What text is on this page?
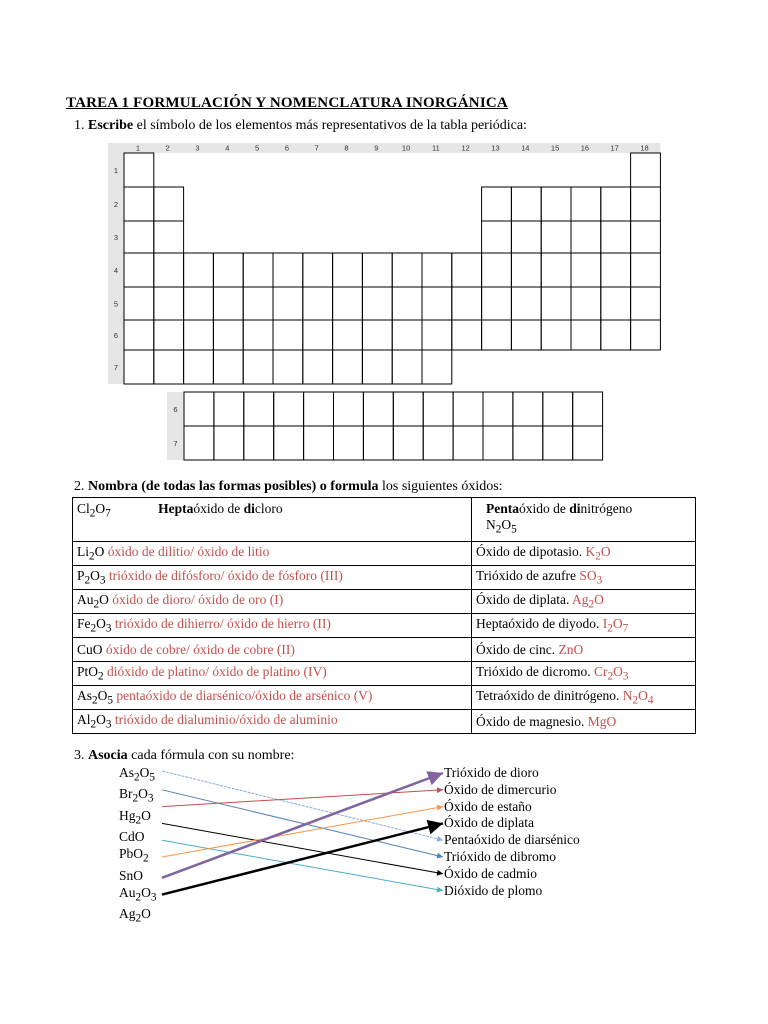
TAREA 1 FORMULACIÓN Y NOMENCLATURA INORGÁNICA
1. Escribe el símbolo de los elementos más representativos de la tabla periódica:
1	2	3	4	5	6	7	8	9	10	11	12	13	14	15	16	17	18
1
2
3
4
5
6
7
6
7
2. Nombra (de todas las formas posibles) o formula los siguientes óxidos:
$Cl_2O_7$ Heptaóxido de dicloro	Pentaóxido de dinitrógeno
$N_2O_5$

$Li_2O$ óxido de dilitio/ óxido de litio	Óxido de dipotasio. $K_2O$
$P_2O_3$ trióxido de difósforo/ óxido de fósforo (III)	Trióxido de azufre $SO_3$
$Au_2O$ óxido de dioro/ óxido de oro (I)	Óxido de diplata. $Ag_2O$
$Fe_2O_3$ trióxido de dihierro/ óxido de hierro (II)	Heptaóxido de diyodo. $I_2O_7$
CuO óxido de cobre/ óxido de cobre (II)	Óxido de cinc. ZnO
PtO$_2$ dióxido de platino/ óxido de platino (IV)	Trióxido de dicromo. $Cr_2O_3$
$As_2O_5$ pentaóxido de diarsénico/óxido de arsénico (V)	Tetraóxido de dinitrógeno. $N_2O_4$
$Al_2O_3$ trióxido de dialuminio/óxido de aluminio	Óxido de magnesio. MgO
3. Asocia cada fórmula con su nombre:
$As_2O_5$
$Br_2O_3$
$Hg_2O$
CdO
PbO$_2$
SnO
$Au_2O_3$
$Ag_2O$
Trióxido de dioro
Óxido de dimercurio
Óxido de estaño
Óxido de diplata
Pentaóxido de diarsénico
Trióxido de dibromo
Óxido de cadmio
Dióxido de plomo
